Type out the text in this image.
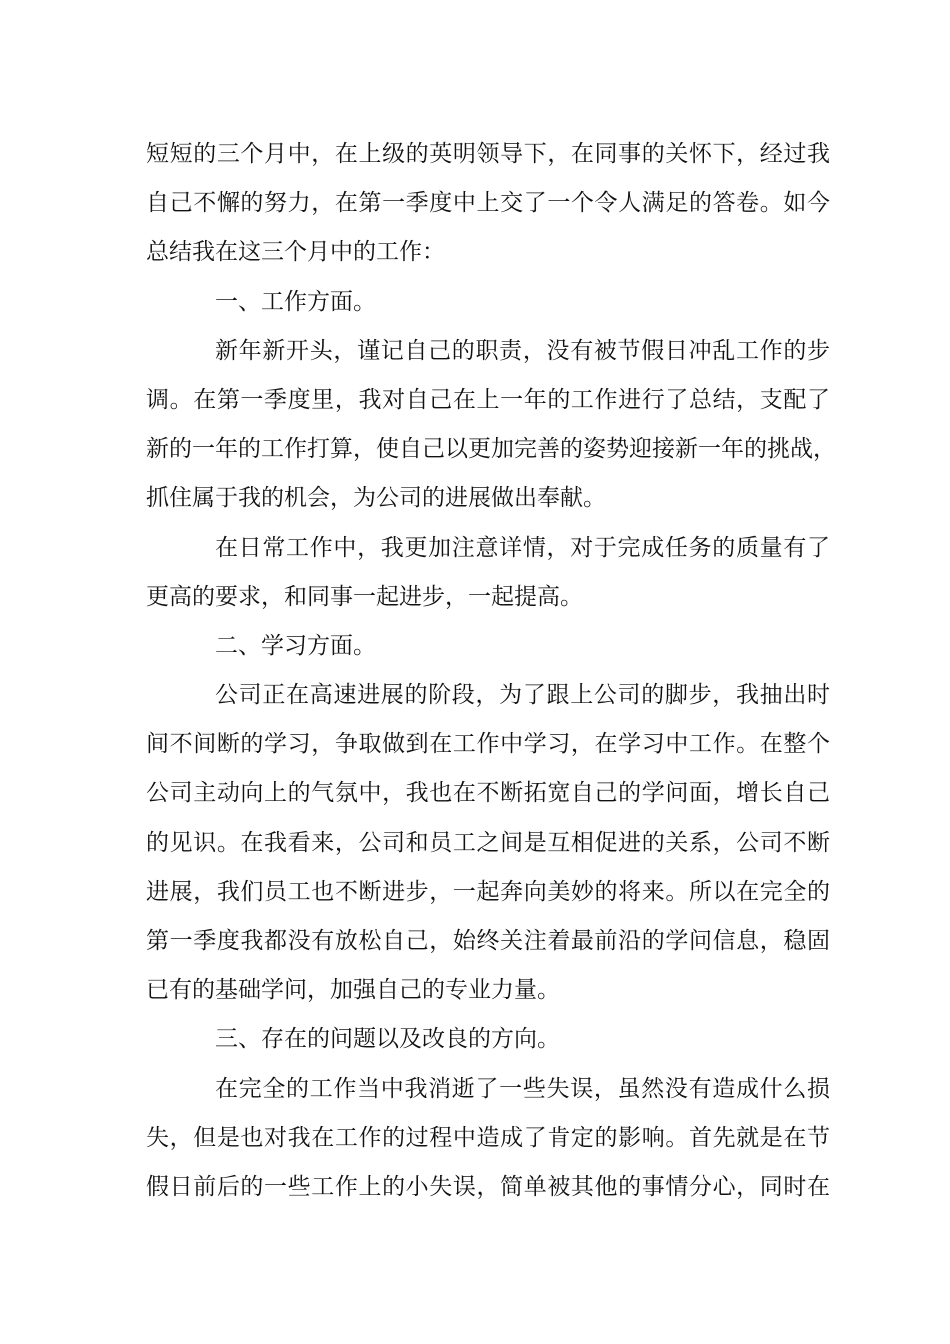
短短的三个月中，在上级的英明领导下，在同事的关怀下，经过我
自己不懈的努力，在第一季度中上交了一个令人满足的答卷。如今
总结我在这三个月中的工作：
一、工作方面。
新年新开头，谨记自己的职责，没有被节假日冲乱工作的步
调。在第一季度里，我对自己在上一年的工作进行了总结，支配了
新的一年的工作打算，使自己以更加完善的姿势迎接新一年的挑战，
抓住属于我的机会，为公司的进展做出奉献。
在日常工作中，我更加注意详情，对于完成任务的质量有了
更高的要求，和同事一起进步，一起提高。
二、学习方面。
公司正在高速进展的阶段，为了跟上公司的脚步，我抽出时
间不间断的学习，争取做到在工作中学习，在学习中工作。在整个
公司主动向上的气氛中，我也在不断拓宽自己的学问面，增长自己
的见识。在我看来，公司和员工之间是互相促进的关系，公司不断
进展，我们员工也不断进步，一起奔向美妙的将来。所以在完全的
第一季度我都没有放松自己，始终关注着最前沿的学问信息，稳固
已有的基础学问，加强自己的专业力量。
三、存在的问题以及改良的方向。
在完全的工作当中我消逝了一些失误，虽然没有造成什么损
失，但是也对我在工作的过程中造成了肯定的影响。首先就是在节
假日前后的一些工作上的小失误，简单被其他的事情分心，同时在
